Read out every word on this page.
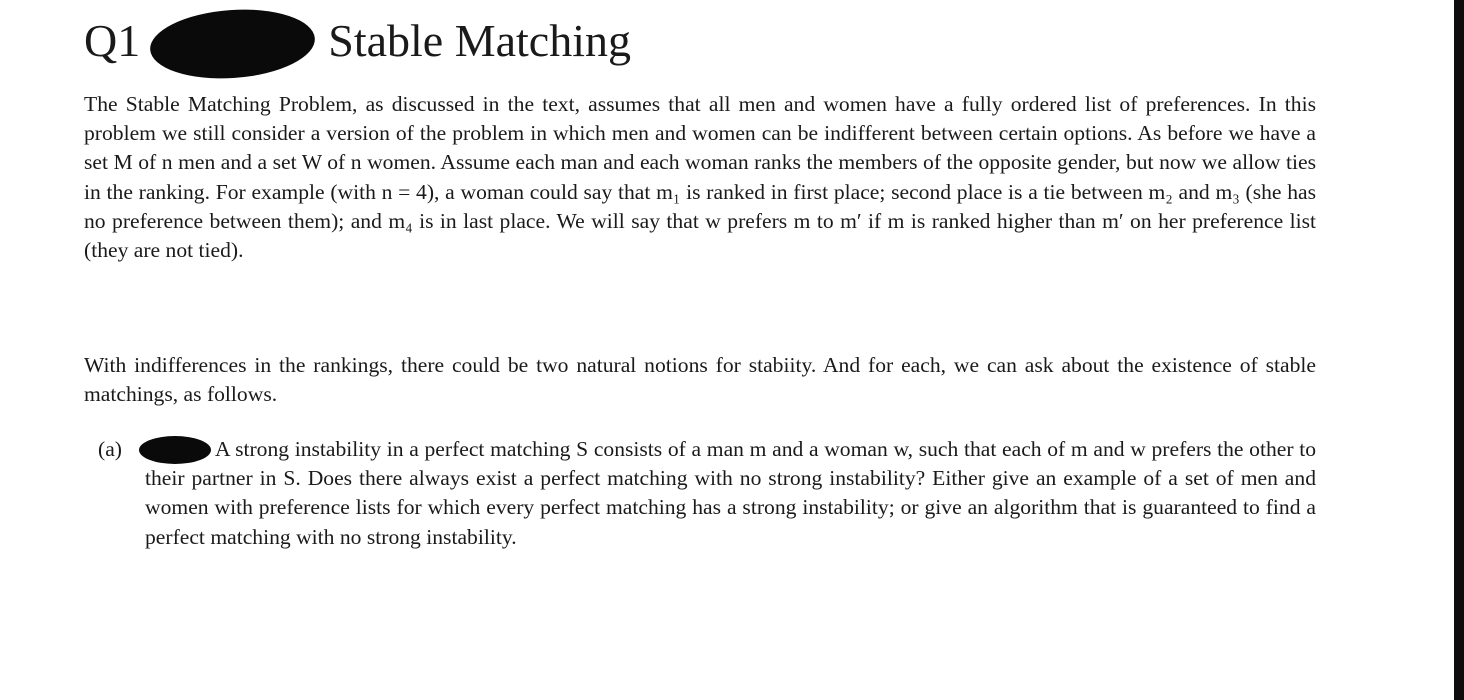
Q1	Stable Matching

The Stable Matching Problem, as discussed in the text, assumes that all men and women have a fully ordered list of preferences. In this problem we still consider a version of the problem in which men and women can be indifferent between certain options. As before we have a set M of n men and a set W of n women. Assume each man and each woman ranks the members of the opposite gender, but now we allow ties in the ranking. For example (with n = 4), a woman could say that m₁ is ranked in first place; second place is a tie between m₂ and m₃ (she has no preference between them); and m₄ is in last place. We will say that w prefers m to m′ if m is ranked higher than m′ on her preference list (they are not tied).

With indifferences in the rankings, there could be two natural notions for stabiity. And for each, we can ask about the existence of stable matchings, as follows.

(a)	A strong instability in a perfect matching S consists of a man m and a woman w, such that each of m and w prefers the other to their partner in S. Does there always exist a perfect matching with no strong instability? Either give an example of a set of men and women with preference lists for which every perfect matching has a strong instability; or give an algorithm that is guaranteed to find a perfect matching with no strong instability.
